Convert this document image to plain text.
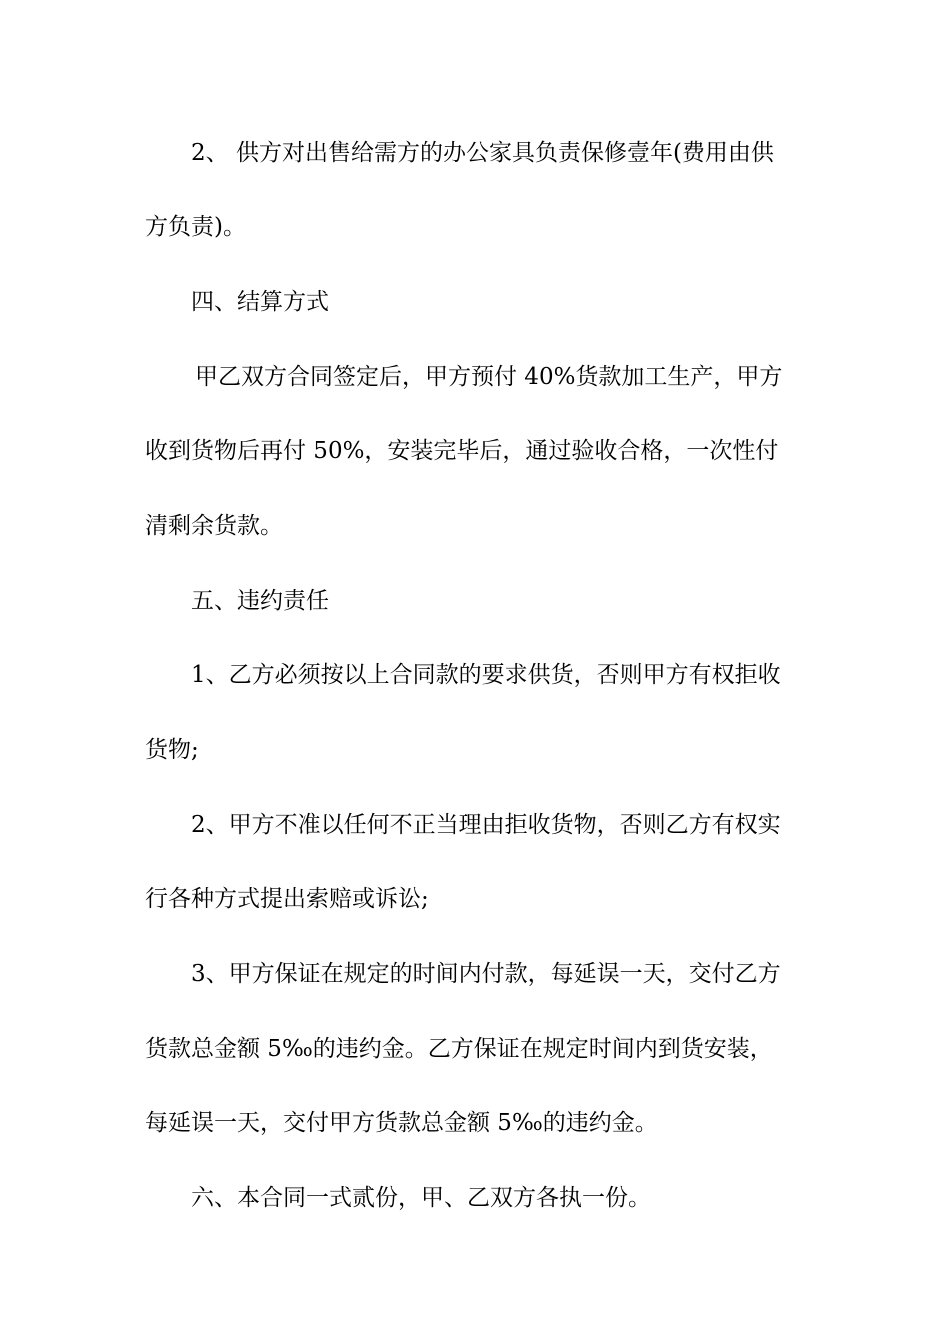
2、 供方对出售给需方的办公家具负责保修壹年(费用由供
方负责)。
四、结算方式
甲乙双方合同签定后，甲方预付 40%货款加工生产，甲方
收到货物后再付 50%，安装完毕后，通过验收合格，一次性付
清剩余货款。
五、违约责任
1、乙方必须按以上合同款的要求供货，否则甲方有权拒收
货物;
2、甲方不准以任何不正当理由拒收货物，否则乙方有权实
行各种方式提出索赔或诉讼;
3、甲方保证在规定的时间内付款，每延误一天，交付乙方
货款总金额 5‰的违约金。乙方保证在规定时间内到货安装，
每延误一天，交付甲方货款总金额 5‰的违约金。
六、本合同一式贰份，甲、乙双方各执一份。
